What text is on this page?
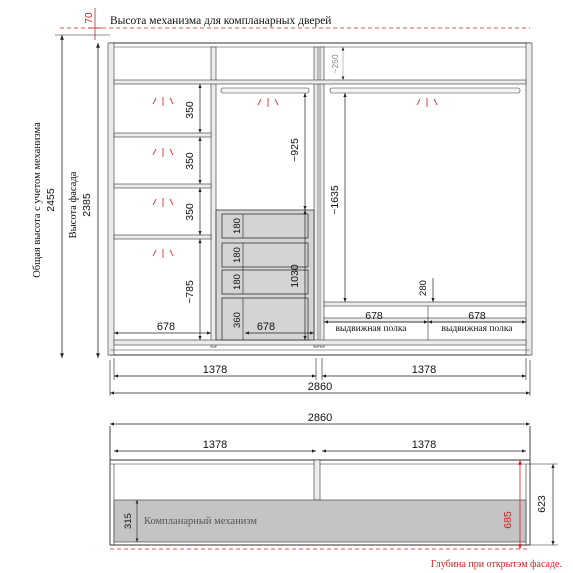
70 Высота механизма для компланарных дверей
Общая высота с учетом механизма 2455 Высота фасада 2385
350
350
350
~785
678
~925
1030
180
180
180
360 678
~250
~1635
280
678
выдвижная полка
678
выдвижная полка
1378	1378
2860
2860
1378	1378
Компланарный механизм
315	685
623
Глубина при открытэм фасаде.
